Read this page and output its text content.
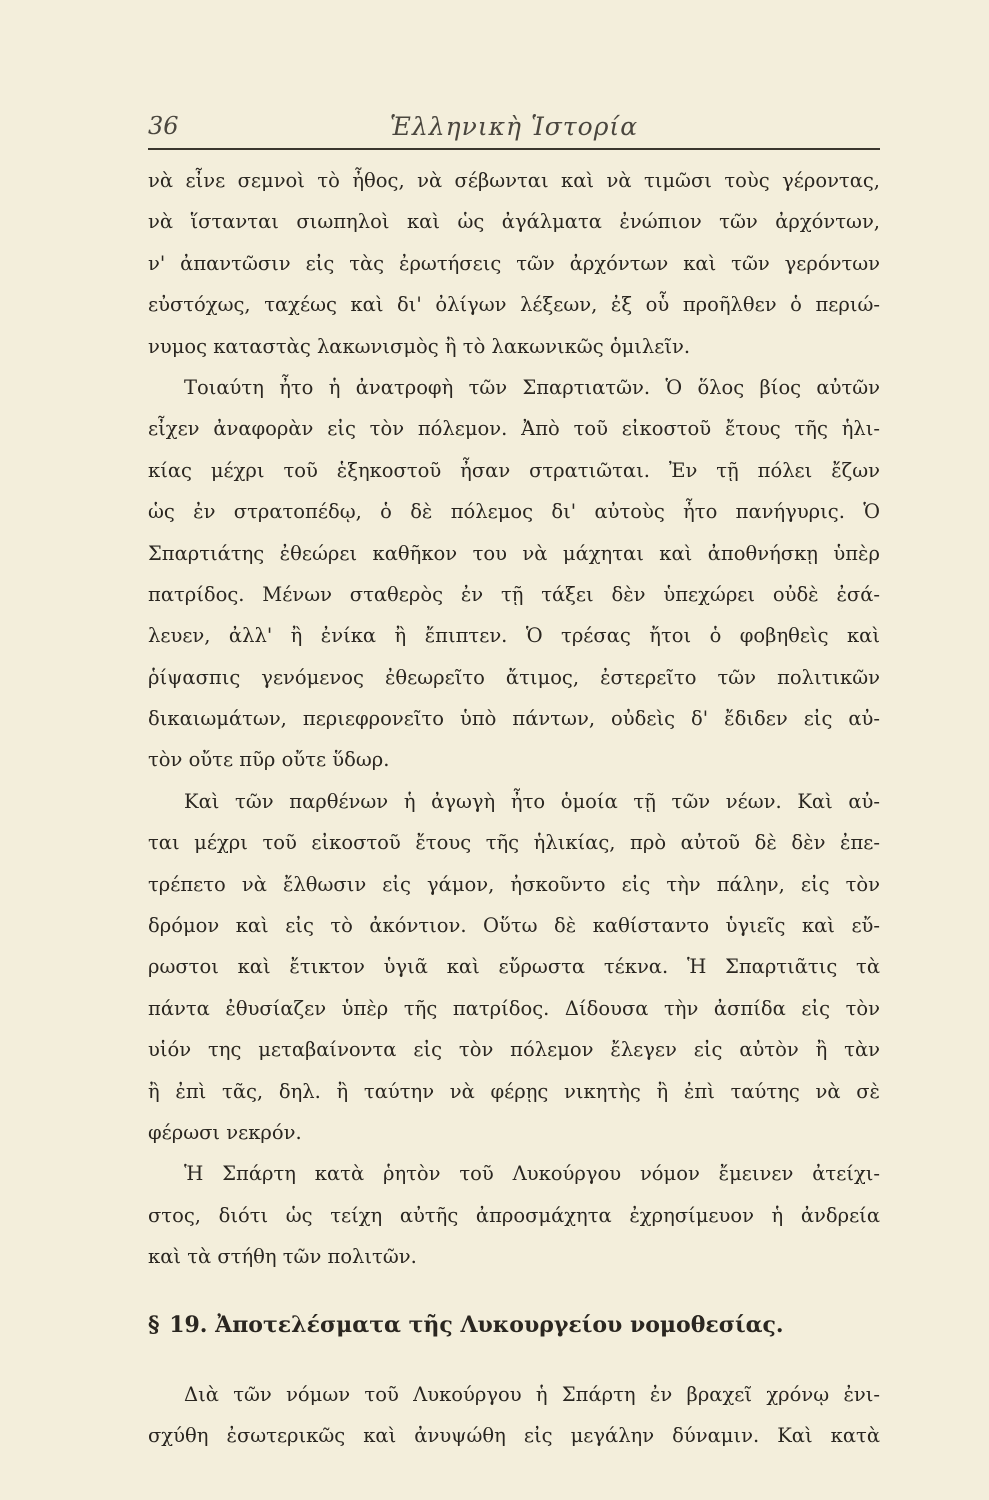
36	Ἑλληνικὴ Ἱστορία
νὰ εἶνε σεμνοὶ τὸ ἦθος, νὰ σέβωνται καὶ νὰ τιμῶσι τοὺς γέροντας,
νὰ ἵστανται σιωπηλοὶ καὶ ὡς ἀγάλματα ἐνώπιον τῶν ἀρχόντων,
ν' ἀπαντῶσιν εἰς τὰς ἐρωτήσεις τῶν ἀρχόντων καὶ τῶν γερόντων
εὐστόχως, ταχέως καὶ δι' ὀλίγων λέξεων, ἐξ οὗ προῆλθεν ὁ περιώ-
νυμος καταστὰς λακωνισμὸς ἢ τὸ λακωνικῶς ὁμιλεῖν.
Τοιαύτη ἦτο ἡ ἀνατροφὴ τῶν Σπαρτιατῶν. Ὁ ὅλος βίος αὐτῶν
εἶχεν ἀναφορὰν εἰς τὸν πόλεμον. Ἀπὸ τοῦ εἰκοστοῦ ἔτους τῆς ἡλι-
κίας μέχρι τοῦ ἑξηκοστοῦ ἦσαν στρατιῶται. Ἐν τῇ πόλει ἔζων
ὡς ἐν στρατοπέδῳ, ὁ δὲ πόλεμος δι' αὐτοὺς ἦτο πανήγυρις. Ὁ
Σπαρτιάτης ἐθεώρει καθῆκον του νὰ μάχηται καὶ ἀποθνήσκῃ ὑπὲρ
πατρίδος. Μένων σταθερὸς ἐν τῇ τάξει δὲν ὑπεχώρει οὐδὲ ἐσά-
λευεν, ἀλλ' ἢ ἐνίκα ἢ ἔπιπτεν. Ὁ τρέσας ἤτοι ὁ φοβηθεὶς καὶ
ῥίψασπις γενόμενος ἐθεωρεῖτο ἄτιμος, ἐστερεῖτο τῶν πολιτικῶν
δικαιωμάτων, περιεφρονεῖτο ὑπὸ πάντων, οὐδεὶς δ' ἔδιδεν εἰς αὐ-
τὸν οὔτε πῦρ οὔτε ὕδωρ.
Καὶ τῶν παρθένων ἡ ἀγωγὴ ἦτο ὁμοία τῇ τῶν νέων. Καὶ αὐ-
ται μέχρι τοῦ εἰκοστοῦ ἔτους τῆς ἡλικίας, πρὸ αὐτοῦ δὲ δὲν ἐπε-
τρέπετο νὰ ἔλθωσιν εἰς γάμον, ἠσκοῦντο εἰς τὴν πάλην, εἰς τὸν
δρόμον καὶ εἰς τὸ ἀκόντιον. Οὕτω δὲ καθίσταντο ὑγιεῖς καὶ εὔ-
ρωστοι καὶ ἔτικτον ὑγιᾶ καὶ εὔρωστα τέκνα. Ἡ Σπαρτιᾶτις τὰ
πάντα ἐθυσίαζεν ὑπὲρ τῆς πατρίδος. Δίδουσα τὴν ἀσπίδα εἰς τὸν
υἱόν της μεταβαίνοντα εἰς τὸν πόλεμον ἔλεγεν εἰς αὐτὸν ἢ τὰν
ἢ ἐπὶ τᾶς, δηλ. ἢ ταύτην νὰ φέρῃς νικητὴς ἢ ἐπὶ ταύτης νὰ σὲ
φέρωσι νεκρόν.
Ἡ Σπάρτη κατὰ ῥητὸν τοῦ Λυκούργου νόμον ἔμεινεν ἀτείχι-
στος, διότι ὡς τείχη αὐτῆς ἀπροσμάχητα ἐχρησίμευον ἡ ἀνδρεία
καὶ τὰ στήθη τῶν πολιτῶν.
§ 19. Ἀποτελέσματα τῆς Λυκουργείου νομοθεσίας.
Διὰ τῶν νόμων τοῦ Λυκούργου ἡ Σπάρτη ἐν βραχεῖ χρόνῳ ἐνι-
σχύθη ἐσωτερικῶς καὶ ἀνυψώθη εἰς μεγάλην δύναμιν. Καὶ κατὰ
